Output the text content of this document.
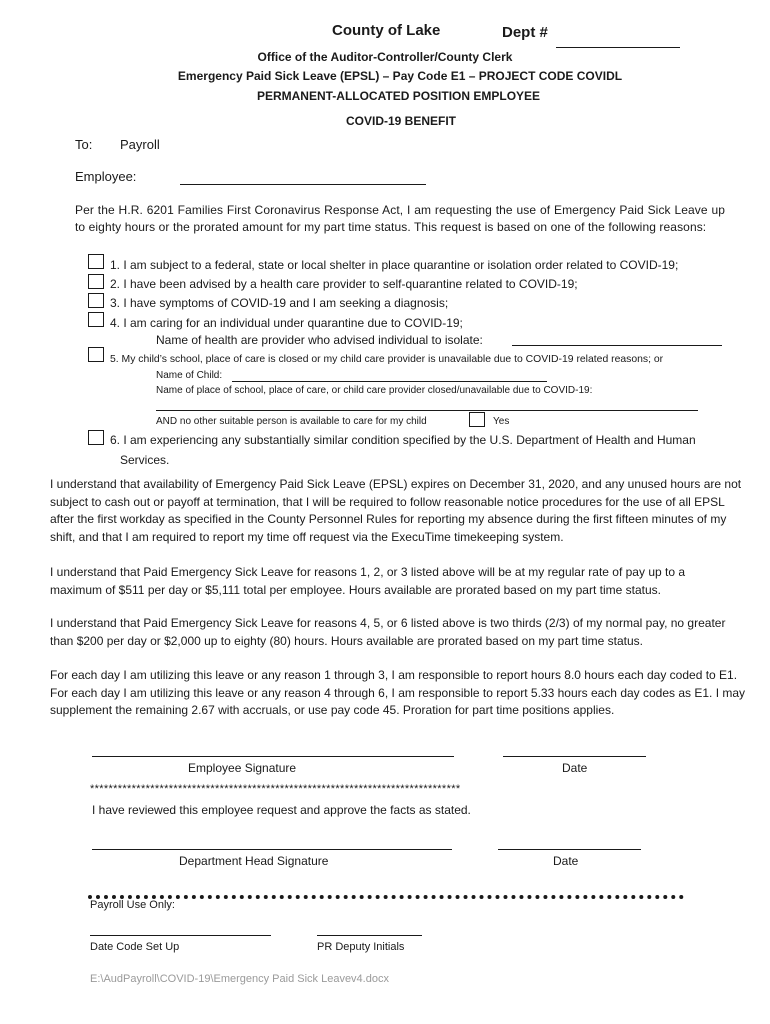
County of Lake	Dept #
Office of the Auditor-Controller/County Clerk
Emergency Paid Sick Leave (EPSL) – Pay Code E1 – PROJECT CODE COVIDL
PERMANENT-ALLOCATED POSITION EMPLOYEE
COVID-19 BENEFIT
To: Payroll
Employee:
Per the H.R. 6201 Families First Coronavirus Response Act, I am requesting the use of Emergency Paid Sick Leave up to eighty hours or the prorated amount for my part time status. This request is based on one of the following reasons:
1. I am subject to a federal, state or local shelter in place quarantine or isolation order related to COVID-19;
2. I have been advised by a health care provider to self-quarantine related to COVID-19;
3. I have symptoms of COVID-19 and I am seeking a diagnosis;
4. I am caring for an individual under quarantine due to COVID-19;
Name of health are provider who advised individual to isolate:
5. My child’s school, place of care is closed or my child care provider is unavailable due to COVID-19 related reasons; or
Name of Child:
Name of place of school, place of care, or child care provider closed/unavailable due to COVID-19:
AND no other suitable person is available to care for my child	Yes
6. I am experiencing any substantially similar condition specified by the U.S. Department of Health and Human
Services.
I understand that availability of Emergency Paid Sick Leave (EPSL) expires on December 31, 2020, and any unused hours are not subject to cash out or payoff at termination, that I will be required to follow reasonable notice procedures for the use of all EPSL after the first workday as specified in the County Personnel Rules for reporting my absence during the first fifteen minutes of my shift, and that I am required to report my time off request via the ExecuTime timekeeping system.
I understand that Paid Emergency Sick Leave for reasons 1, 2, or 3 listed above will be at my regular rate of pay up to a maximum of $511 per day or $5,111 total per employee. Hours available are prorated based on my part time status.
I understand that Paid Emergency Sick Leave for reasons 4, 5, or 6 listed above is two thirds (2/3) of my normal pay, no greater than $200 per day or $2,000 up to eighty (80) hours. Hours available are prorated based on my part time status.
For each day I am utilizing this leave or any reason 1 through 3, I am responsible to report hours 8.0 hours each day coded to E1. For each day I am utilizing this leave or any reason 4 through 6, I am responsible to report 5.33 hours each day codes as E1. I may supplement the remaining 2.67 with accruals, or use pay code 45. Proration for part time positions applies.
Employee Signature	Date
********************************************************************************
I have reviewed this employee request and approve the facts as stated.
Department Head Signature	Date
Payroll Use Only:
Date Code Set Up	PR Deputy Initials
E:\AudPayroll\COVID-19\Emergency Paid Sick Leavev4.docx
